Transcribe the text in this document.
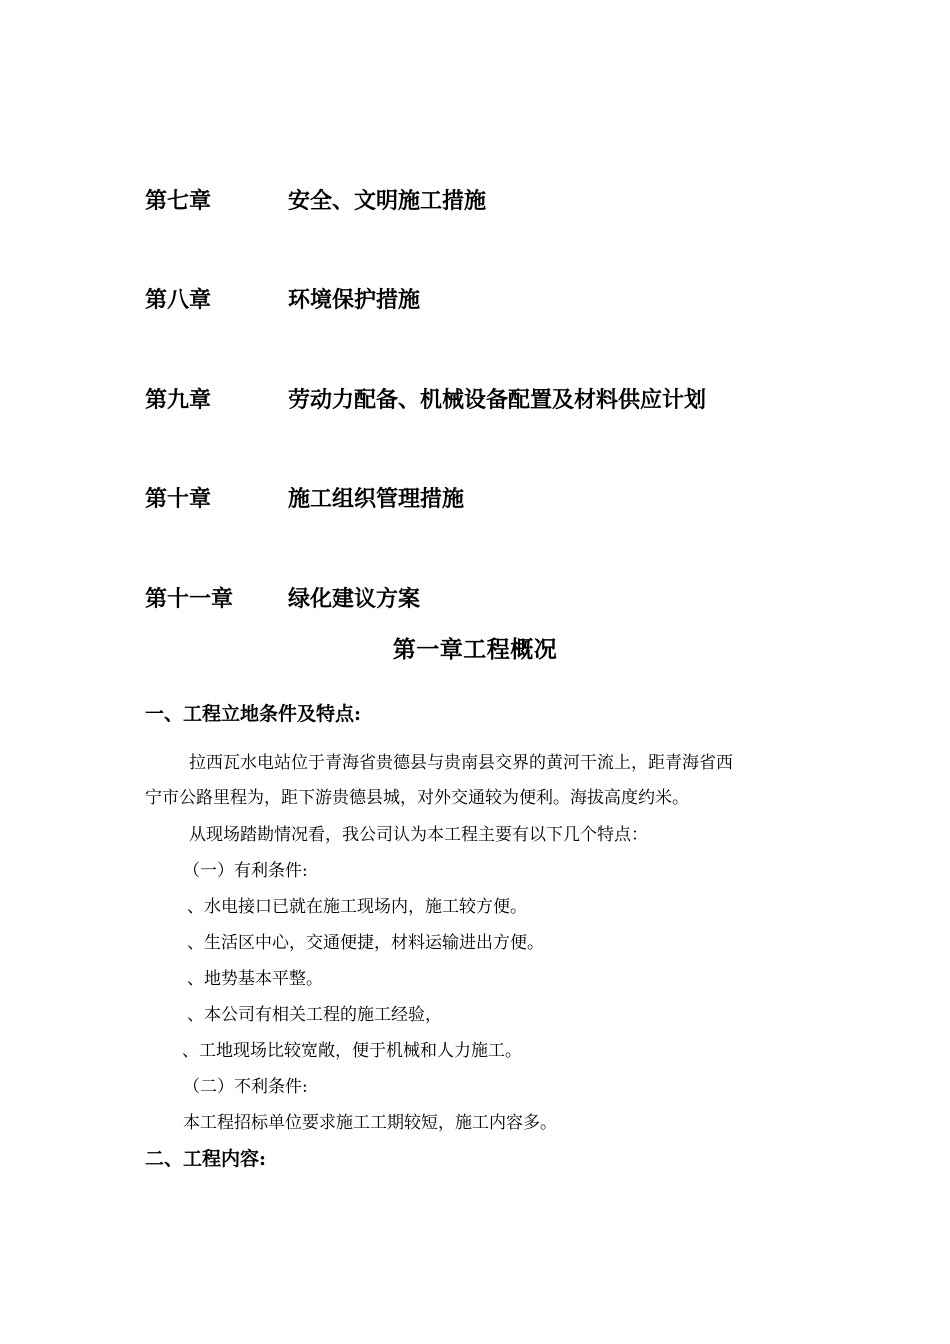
第七章	安全、文明施工措施
第八章	环境保护措施
第九章	劳动力配备、机械设备配置及材料供应计划
第十章	施工组织管理措施
第十一章 绿化建议方案
第一章工程概况
一、工程立地条件及特点:
拉西瓦水电站位于青海省贵德县与贵南县交界的黄河干流上，距青海省西
宁市公路里程为，距下游贵德县城，对外交通较为便利。海拔高度约米。
从现场踏勘情况看，我公司认为本工程主要有以下几个特点：
（一）有利条件:
、水电接口已就在施工现场内，施工较方便。
、生活区中心，交通便捷，材料运输进出方便。
、地势基本平整。
、本公司有相关工程的施工经验，
、工地现场比较宽敞，便于机械和人力施工。
（二）不利条件:
本工程招标单位要求施工工期较短，施工内容多。
二、工程内容:
